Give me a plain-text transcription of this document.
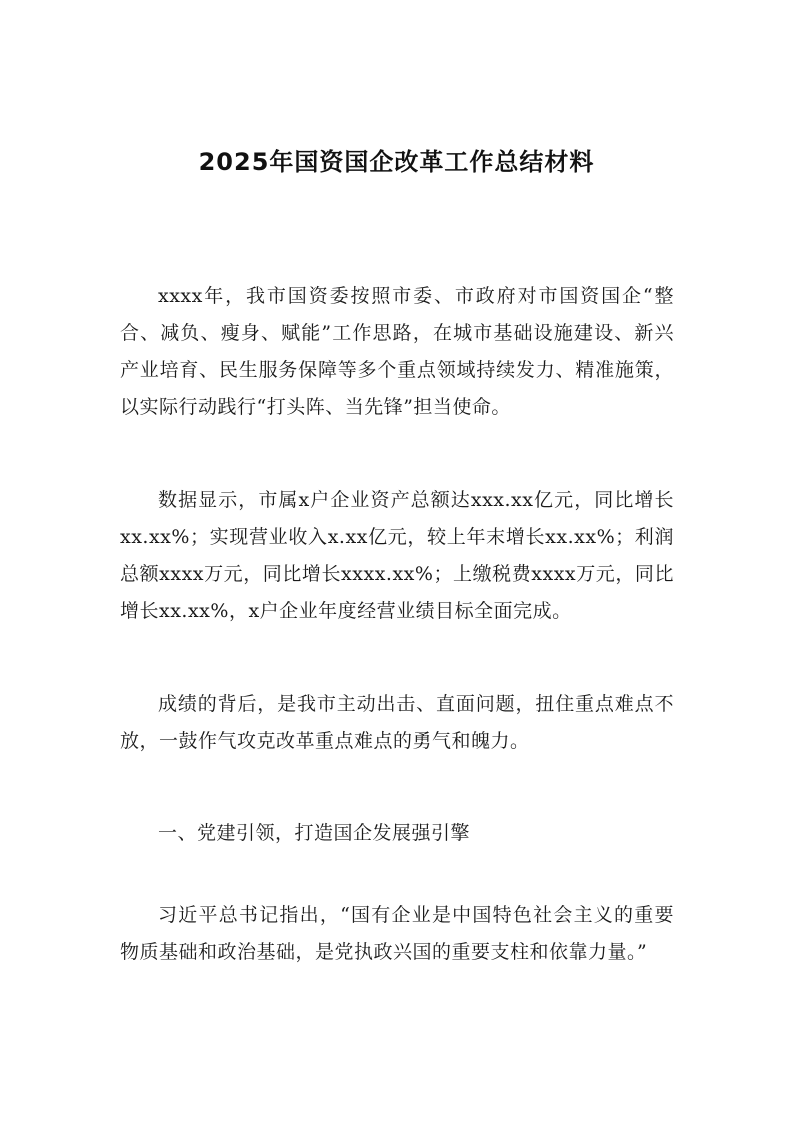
2025年国资国企改革工作总结材料

xxxx年，我市国资委按照市委、市政府对市国资国企“整合、减负、瘦身、赋能”工作思路，在城市基础设施建设、新兴产业培育、民生服务保障等多个重点领域持续发力、精准施策，以实际行动践行“打头阵、当先锋”担当使命。

数据显示，市属x户企业资产总额达xxx.xx亿元，同比增长xx.xx%；实现营业收入x.xx亿元，较上年末增长xx.xx%；利润总额xxxx万元，同比增长xxxx.xx%；上缴税费xxxx万元，同比增长xx.xx%，x户企业年度经营业绩目标全面完成。

成绩的背后，是我市主动出击、直面问题，扭住重点难点不放，一鼓作气攻克改革重点难点的勇气和魄力。

一、党建引领，打造国企发展强引擎

习近平总书记指出，“国有企业是中国特色社会主义的重要物质基础和政治基础，是党执政兴国的重要支柱和依靠力量。”
